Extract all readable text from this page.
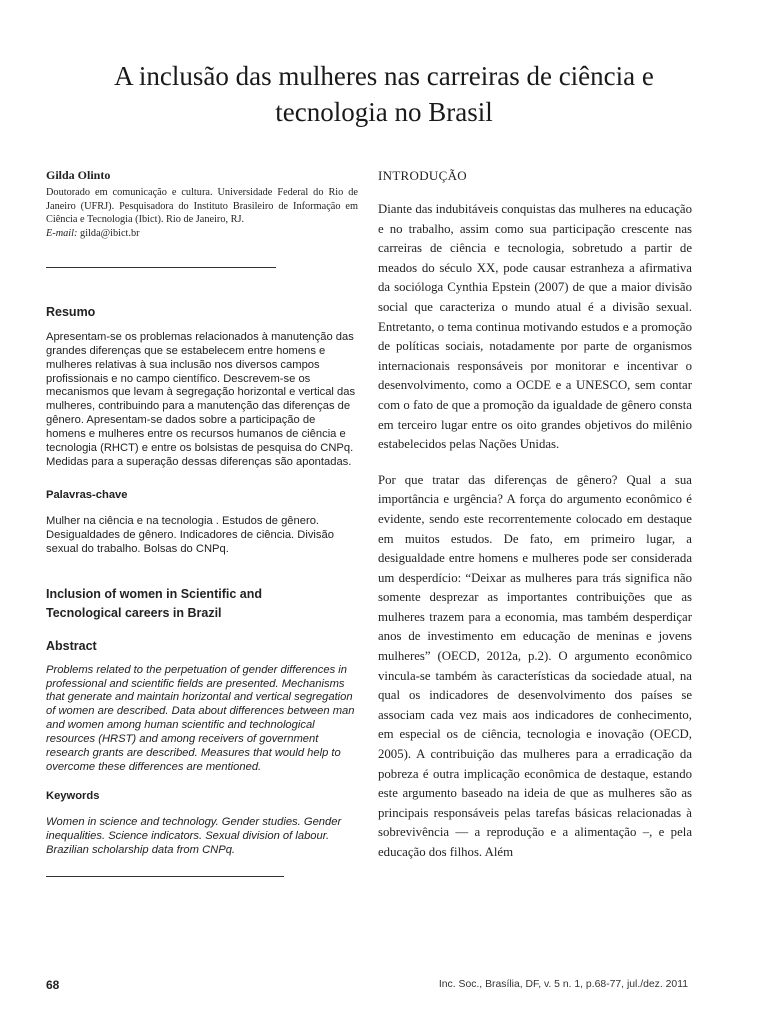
A inclusão das mulheres nas carreiras de ciência e
tecnologia no Brasil

Gilda Olinto

Doutorado em comunicação e cultura. Universidade Federal do Rio de Janeiro (UFRJ). Pesquisadora do Instituto Brasileiro de Informação em Ciência e Tecnologia (Ibict). Rio de Janeiro, RJ.
E-mail: gilda@ibict.br

Resumo

Apresentam-se os problemas relacionados à manutenção das grandes diferenças que se estabelecem entre homens e mulheres relativas à sua inclusão nos diversos campos profissionais e no campo científico. Descrevem-se os mecanismos que levam à segregação horizontal e vertical das mulheres, contribuindo para a manutenção das diferenças de gênero. Apresentam-se dados sobre a participação de homens e mulheres entre os recursos humanos de ciência e tecnologia (RHCT) e entre os bolsistas de pesquisa do CNPq. Medidas para a superação dessas diferenças são apontadas.

Palavras-chave

Mulher na ciência e na tecnologia . Estudos de gênero. Desigualdades de gênero. Indicadores de ciência. Divisão sexual do trabalho. Bolsas do CNPq.

Inclusion of women in Scientific and
Tecnological careers in Brazil

Abstract

Problems related to the perpetuation of gender differences in professional and scientific fields are presented. Mechanisms that generate and maintain horizontal and vertical segregation of women are described. Data about differences between man and women among human scientific and technological resources (HRST) and among receivers of government research grants are described. Measures that would help to overcome these differences are mentioned.

Keywords

Women in science and technology. Gender studies. Gender inequalities. Science indicators. Sexual division of labour. Brazilian scholarship data from CNPq.

INTRODUÇÃO

Diante das indubitáveis conquistas das mulheres na educação e no trabalho, assim como sua participação crescente nas carreiras de ciência e tecnologia, sobretudo a partir de meados do século XX, pode causar estranheza a afirmativa da socióloga Cynthia Epstein (2007) de que a maior divisão social que caracteriza o mundo atual é a divisão sexual. Entretanto, o tema continua motivando estudos e a promoção de políticas sociais, notadamente por parte de organismos internacionais responsáveis por monitorar e incentivar o desenvolvimento, como a OCDE e a UNESCO, sem contar com o fato de que a promoção da igualdade de gênero consta em terceiro lugar entre os oito grandes objetivos do milênio estabelecidos pelas Nações Unidas.

Por que tratar das diferenças de gênero? Qual a sua importância e urgência? A força do argumento econômico é evidente, sendo este recorrentemente colocado em destaque em muitos estudos. De fato, em primeiro lugar, a desigualdade entre homens e mulheres pode ser considerada um desperdício: “Deixar as mulheres para trás significa não somente desprezar as importantes contribuições que as mulheres trazem para a economia, mas também desperdiçar anos de investimento em educação de meninas e jovens mulheres” (OECD, 2012a, p.2). O argumento econômico vincula-se também às características da sociedade atual, na qual os indicadores de desenvolvimento dos países se associam cada vez mais aos indicadores de conhecimento, em especial os de ciência, tecnologia e inovação (OECD, 2005). A contribuição das mulheres para a erradicação da pobreza é outra implicação econômica de destaque, estando este argumento baseado na ideia de que as mulheres são as principais responsáveis pelas tarefas básicas relacionadas à sobrevivência — a reprodução e a alimentação –, e pela educação dos filhos. Além

68	Inc. Soc., Brasília, DF, v. 5 n. 1, p.68-77, jul./dez. 2011
